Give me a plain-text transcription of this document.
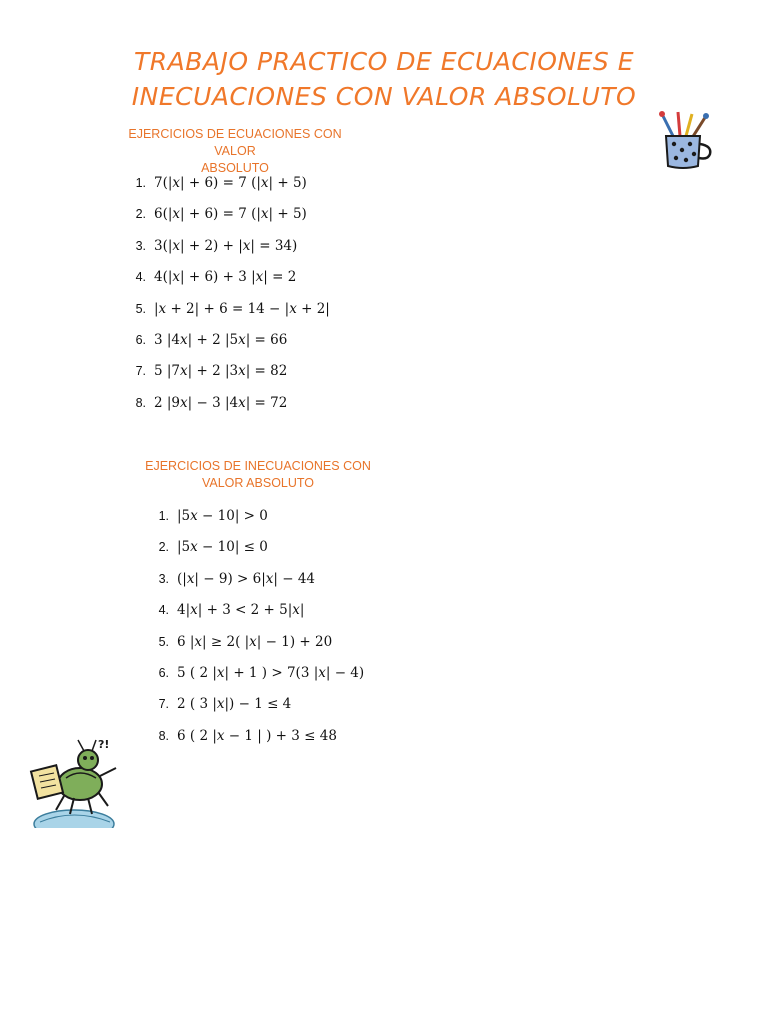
TRABAJO PRACTICO DE ECUACIONES E
INECUACIONES CON VALOR ABSOLUTO
EJERCICIOS DE ECUACIONES CON VALOR
ABSOLUTO
1. 7(|𝑥| + 6) = 7 (|𝑥| + 5)
2. 6(|𝑥| + 6) = 7 (|𝑥| + 5)
3. 3(|𝑥| + 2) + |𝑥| = 34)
4. 4(|𝑥| + 6) + 3 |𝑥| = 2
5. |𝑥 + 2| + 6 = 14 − |𝑥 + 2|
6. 3 |4𝑥| + 2 |5𝑥| = 66
7. 5 |7𝑥| + 2 |3𝑥| = 82
8. 2 |9𝑥| − 3 |4𝑥| = 72
EJERCICIOS DE INECUACIONES CON
VALOR ABSOLUTO
1. |5𝑥 − 10| > 0
2. |5𝑥 − 10| ≤ 0
3. (|𝑥| − 9) > 6|𝑥| − 44
4. 4|𝑥| + 3 < 2 + 5|𝑥|
5. 6 |𝑥| ≥ 2( |𝑥| − 1) + 20
6. 5 ( 2 |𝑥| + 1 ) > 7(3 |𝑥| − 4)
7. 2 ( 3 |𝑥|) − 1 ≤ 4
8. 6 ( 2 |𝑥 − 1 | ) + 3 ≤ 48
?!
